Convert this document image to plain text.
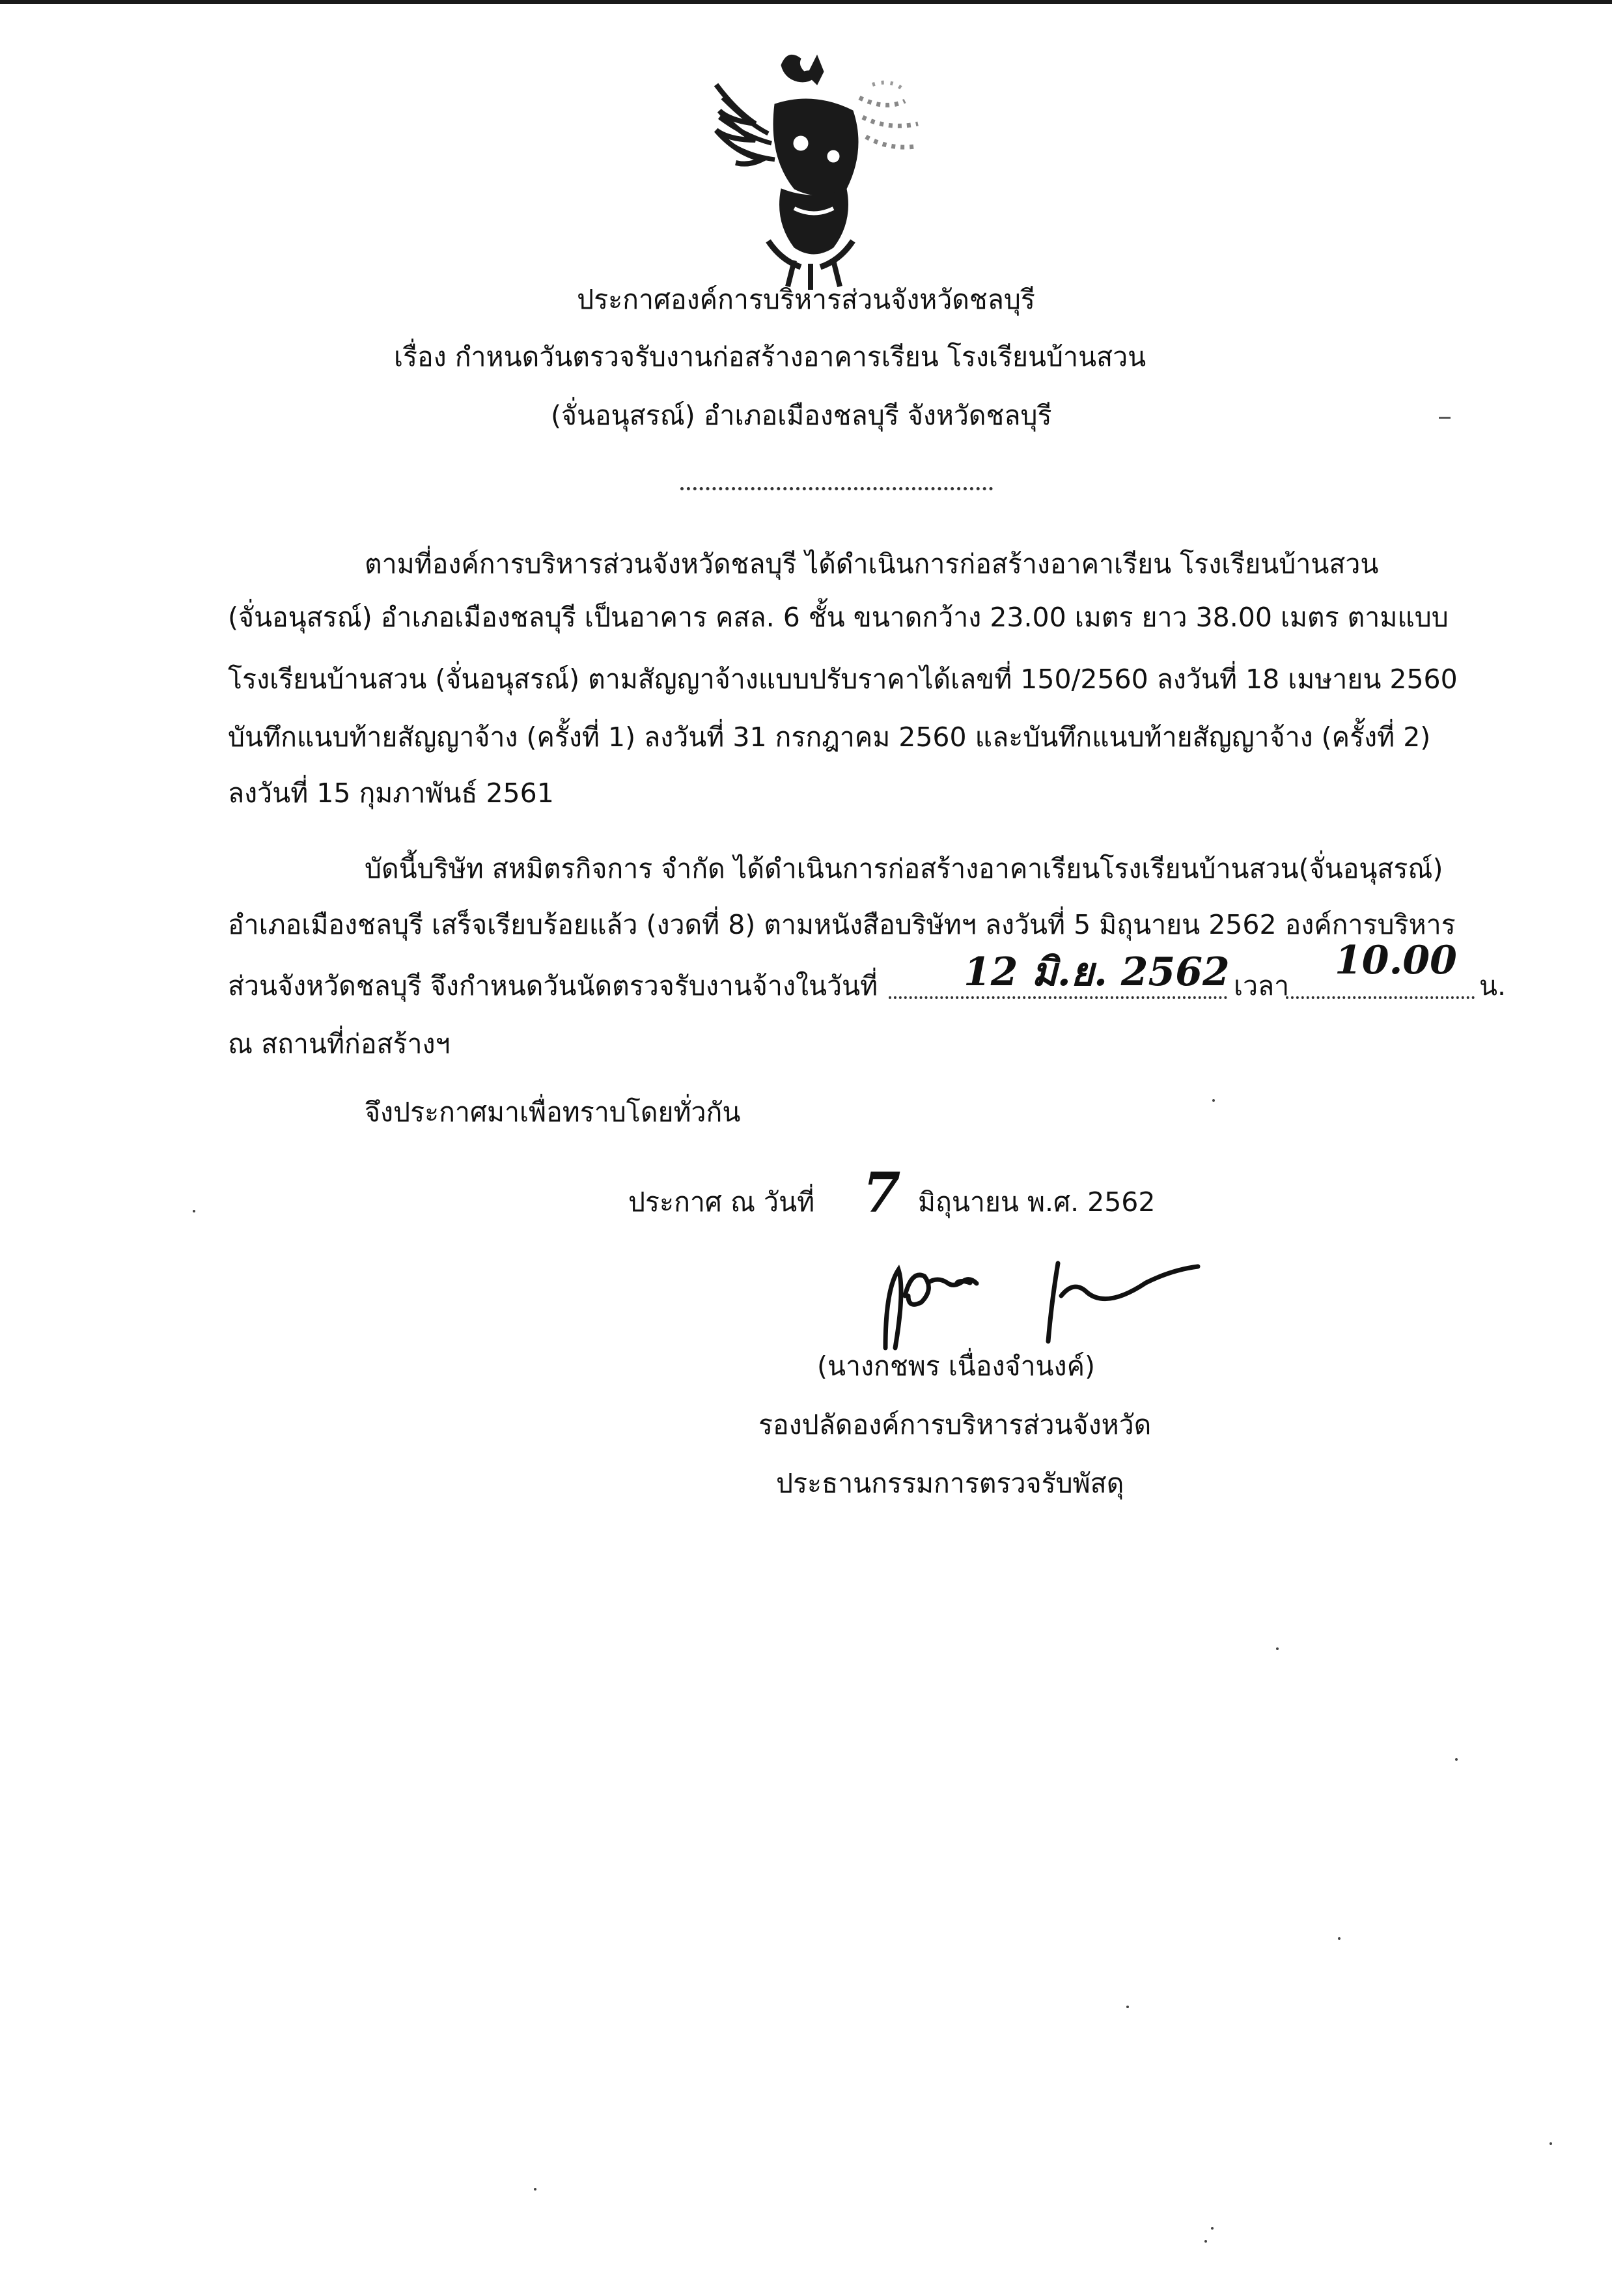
ประกาศองค์การบริหารส่วนจังหวัดชลบุรี
เรื่อง กำหนดวันตรวจรับงานก่อสร้างอาคารเรียน โรงเรียนบ้านสวน
(จั่นอนุสรณ์) อำเภอเมืองชลบุรี จังหวัดชลบุรี
ตามที่องค์การบริหารส่วนจังหวัดชลบุรี ได้ดำเนินการก่อสร้างอาคาเรียน โรงเรียนบ้านสวน
(จั่นอนุสรณ์) อำเภอเมืองชลบุรี เป็นอาคาร คสล. 6 ชั้น ขนาดกว้าง 23.00 เมตร ยาว 38.00 เมตร ตามแบบ
โรงเรียนบ้านสวน (จั่นอนุสรณ์) ตามสัญญาจ้างแบบปรับราคาได้เลขที่ 150/2560 ลงวันที่ 18 เมษายน 2560
บันทึกแนบท้ายสัญญาจ้าง (ครั้งที่ 1) ลงวันที่ 31 กรกฎาคม 2560 และบันทึกแนบท้ายสัญญาจ้าง (ครั้งที่ 2)
ลงวันที่ 15 กุมภาพันธ์ 2561
บัดนี้บริษัท สหมิตรกิจการ จำกัด ได้ดำเนินการก่อสร้างอาคาเรียนโรงเรียนบ้านสวน(จั่นอนุสรณ์)
อำเภอเมืองชลบุรี เสร็จเรียบร้อยแล้ว (งวดที่ 8) ตามหนังสือบริษัทฯ ลงวันที่ 5 มิถุนายน 2562 องค์การบริหาร
ส่วนจังหวัดชลบุรี จึงกำหนดวันนัดตรวจรับงานจ้างในวันที่ 12 มิ.ย. 2562 เวลา
10.00
น.
ณ สถานที่ก่อสร้างฯ
จึงประกาศมาเพื่อทราบโดยทั่วกัน
ประกาศ ณ วันที่ 7 มิถุนายน พ.ศ. 2562
(นางกชพร เนื่องจำนงค์)
รองปลัดองค์การบริหารส่วนจังหวัด
ประธานกรรมการตรวจรับพัสดุ
